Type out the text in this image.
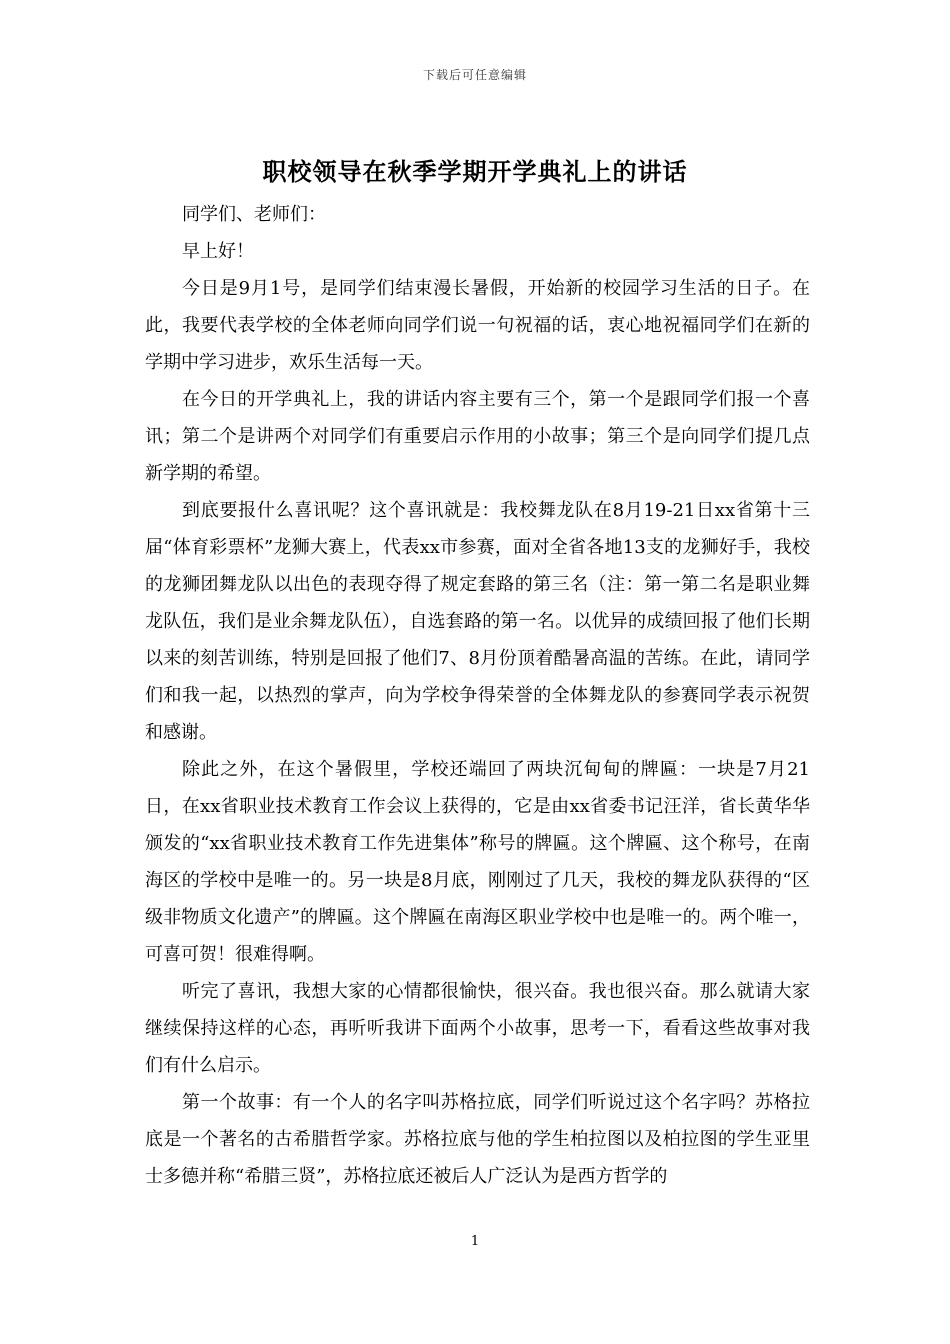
下载后可任意编辑
职校领导在秋季学期开学典礼上的讲话

同学们、老师们：

早上好！

今日是9月1号，是同学们结束漫长暑假，开始新的校园学习生活的日子。在此，我要代表学校的全体老师向同学们说一句祝福的话，衷心地祝福同学们在新的学期中学习进步，欢乐生活每一天。

在今日的开学典礼上，我的讲话内容主要有三个，第一个是跟同学们报一个喜讯；第二个是讲两个对同学们有重要启示作用的小故事；第三个是向同学们提几点新学期的希望。

到底要报什么喜讯呢？这个喜讯就是：我校舞龙队在8月19-21日xx省第十三届“体育彩票杯”龙狮大赛上，代表xx市参赛，面对全省各地13支的龙狮好手，我校的龙狮团舞龙队以出色的表现夺得了规定套路的第三名（注：第一第二名是职业舞龙队伍，我们是业余舞龙队伍），自选套路的第一名。以优异的成绩回报了他们长期以来的刻苦训练，特别是回报了他们7、8月份顶着酷暑高温的苦练。在此，请同学们和我一起，以热烈的掌声，向为学校争得荣誉的全体舞龙队的参赛同学表示祝贺和感谢。

除此之外，在这个暑假里，学校还端回了两块沉甸甸的牌匾：一块是7月21日，在xx省职业技术教育工作会议上获得的，它是由xx省委书记汪洋，省长黄华华颁发的“xx省职业技术教育工作先进集体”称号的牌匾。这个牌匾、这个称号，在南海区的学校中是唯一的。另一块是8月底，刚刚过了几天，我校的舞龙队获得的“区级非物质文化遗产”的牌匾。这个牌匾在南海区职业学校中也是唯一的。两个唯一，可喜可贺！很难得啊。

听完了喜讯，我想大家的心情都很愉快，很兴奋。我也很兴奋。那么就请大家继续保持这样的心态，再听听我讲下面两个小故事，思考一下，看看这些故事对我们有什么启示。

第一个故事：有一个人的名字叫苏格拉底，同学们听说过这个名字吗？苏格拉底是一个著名的古希腊哲学家。苏格拉底与他的学生柏拉图以及柏拉图的学生亚里士多德并称“希腊三贤”，苏格拉底还被后人广泛认为是西方哲学的

1
